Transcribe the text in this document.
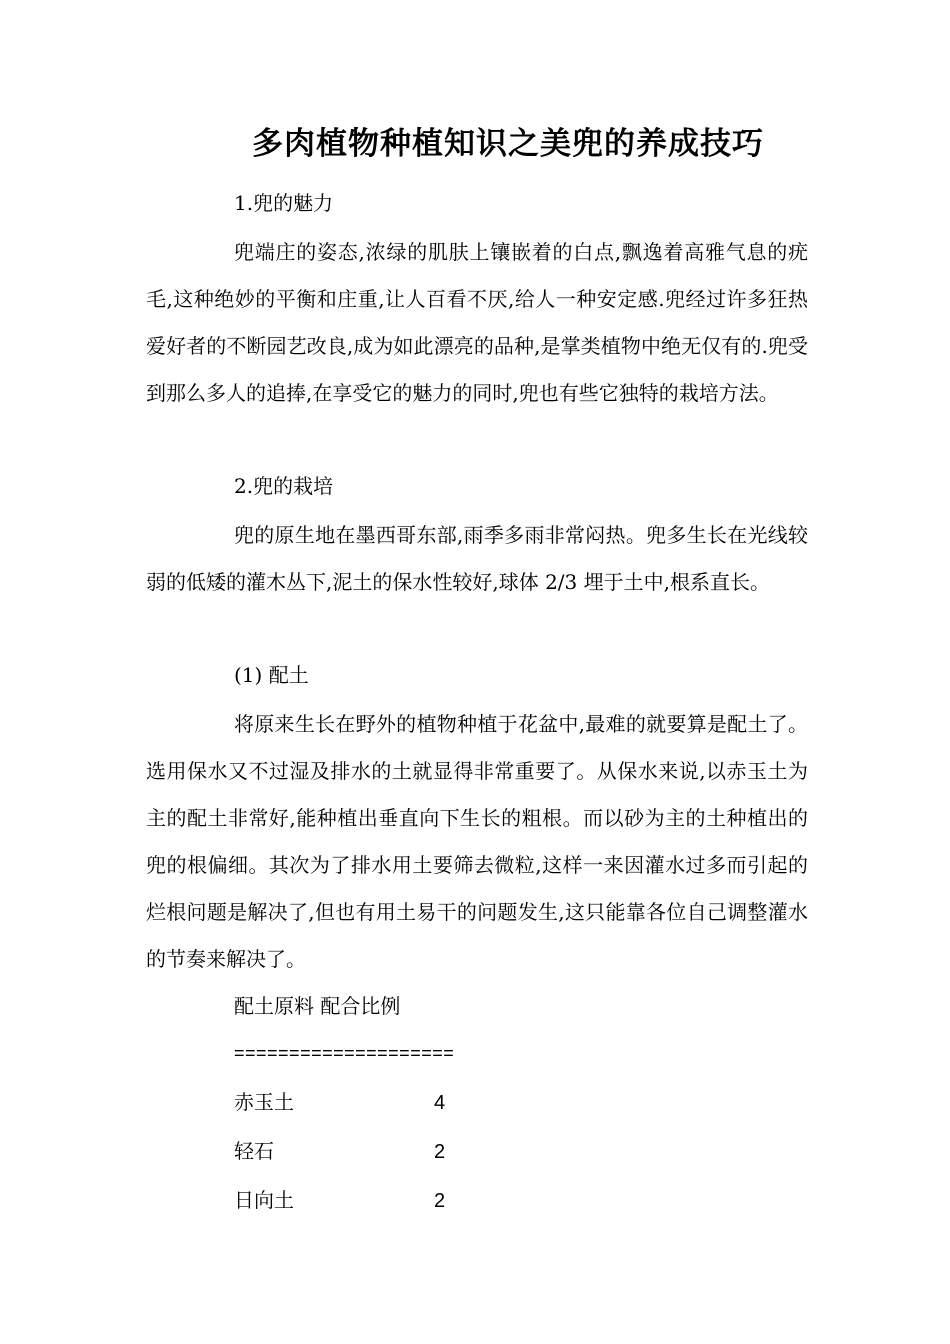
多肉植物种植知识之美兜的养成技巧
1.兜的魅力

兜端庄的姿态,浓绿的肌肤上镶嵌着的白点,飘逸着高雅气息的疣毛,这种绝妙的平衡和庄重,让人百看不厌,给人一种安定感.兜经过许多狂热爱好者的不断园艺改良,成为如此漂亮的品种,是掌类植物中绝无仅有的.兜受到那么多人的追捧,在享受它的魅力的同时,兜也有些它独特的栽培方法。

2.兜的栽培

兜的原生地在墨西哥东部,雨季多雨非常闷热。兜多生长在光线较弱的低矮的灌木丛下,泥土的保水性较好,球体 2/3 埋于土中,根系直长。

(1) 配土

将原来生长在野外的植物种植于花盆中,最难的就要算是配土了。选用保水又不过湿及排水的土就显得非常重要了。从保水来说,以赤玉土为主的配土非常好,能种植出垂直向下生长的粗根。而以砂为主的土种植出的兜的根偏细。其次为了排水用土要筛去微粒,这样一来因灌水过多而引起的烂根问题是解决了,但也有用土易干的问题发生,这只能靠各位自己调整灌水的节奏来解决了。

配土原料 配合比例
====================
赤玉土	4
轻石	2
日向土	2
